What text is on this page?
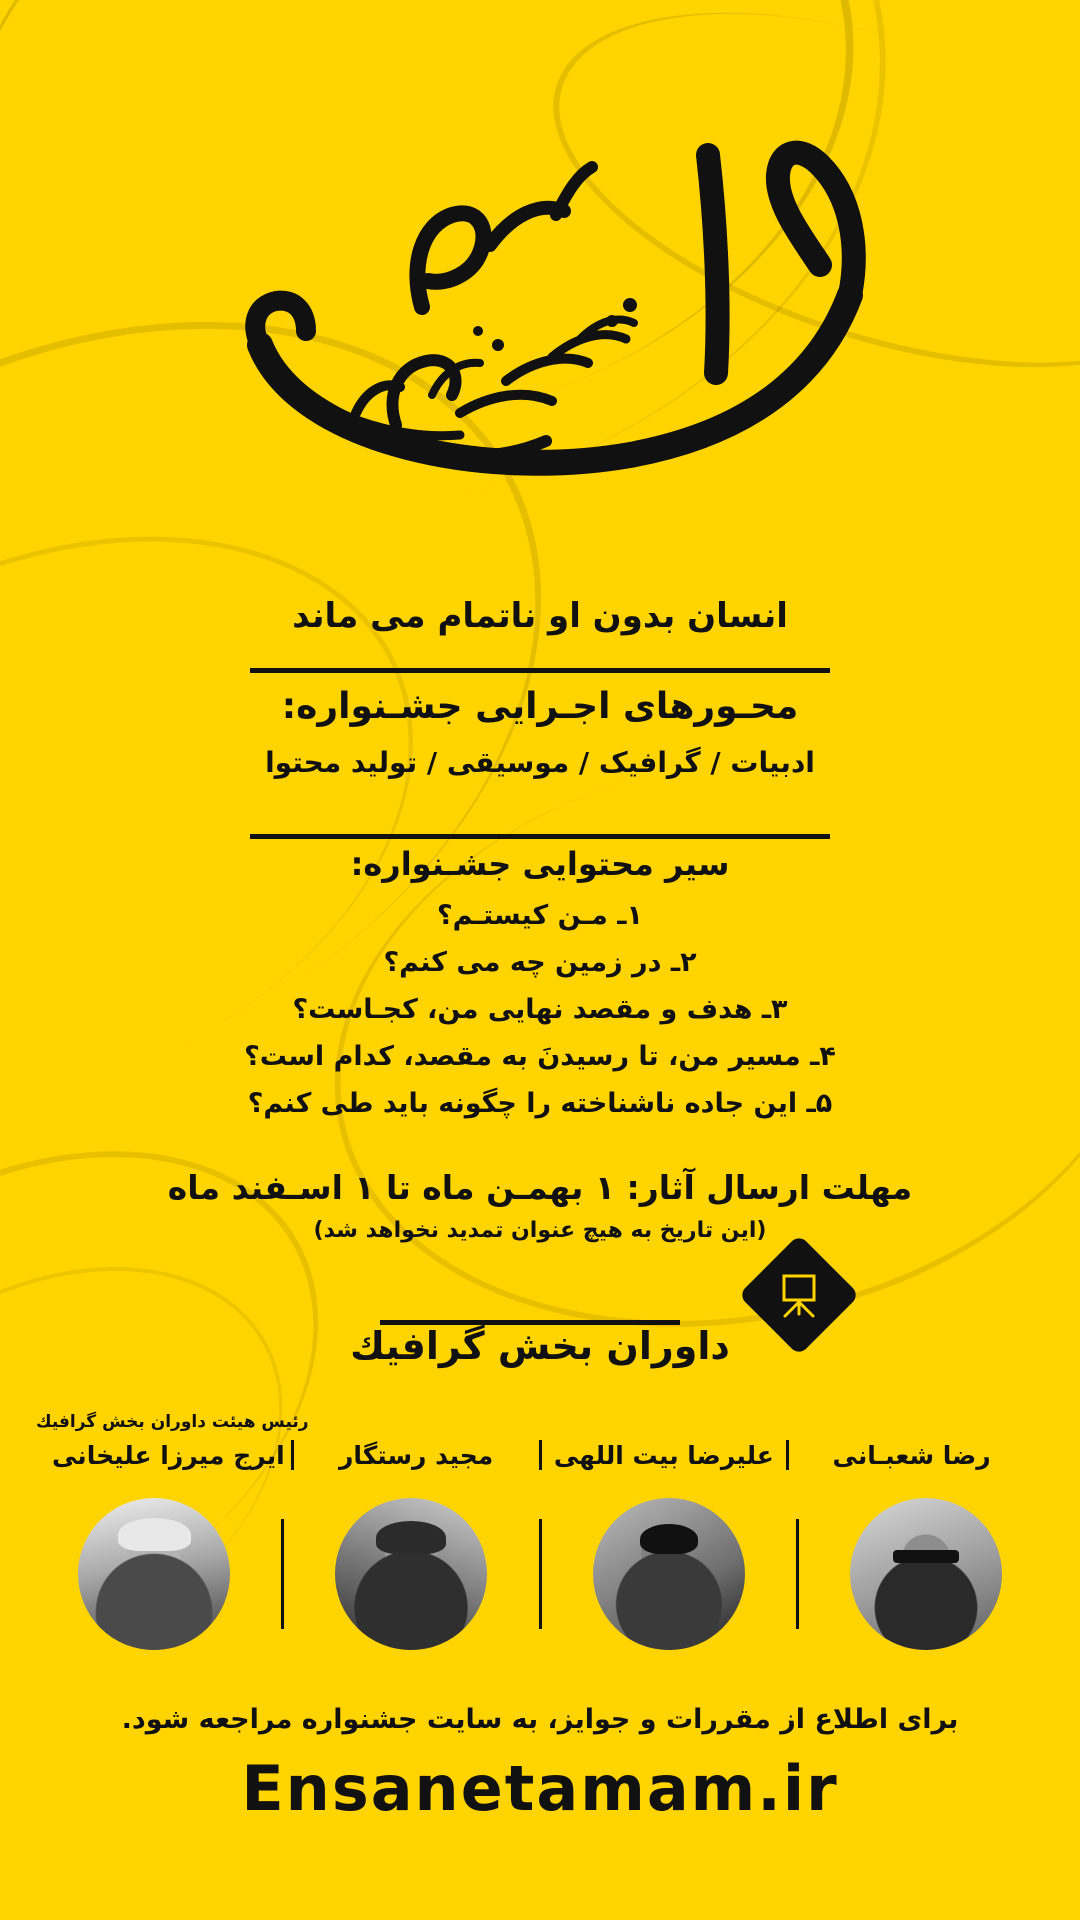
انسان بدون او ناتمام می ماند
محـورهای اجـرایی جشـنواره:
ادبیات / گرافیک / موسیقی / تولید محتوا
سیر محتوایی جشـنواره:
۱ـ مـن کیستـم؟
۲ـ در زمین چه می کنم؟
۳ـ هدف و مقصد نهایی من، کجـاست؟
۴ـ مسیر من، تا رسیدنَ به مقصد، کدام است؟
۵ـ این جاده ناشناخته را چگونه باید طی کنم؟
مهلت ارسال آثار: ۱ بهمـن ماه تا ۱ اسـفند ماه
(این تاریخ به هیچ عنوان تمدید نخواهد شد)
داوران بخش گرافیك
رئیس هیئت داوران بخش گرافیك
رضا شعبـانی
علیرضا بیت اللهی
مجید رستگار
ایرج میرزا علیخانی
برای اطلاع از مقررات و جوایز، به سایت جشنواره مراجعه شود.
Ensanetamam.ir
